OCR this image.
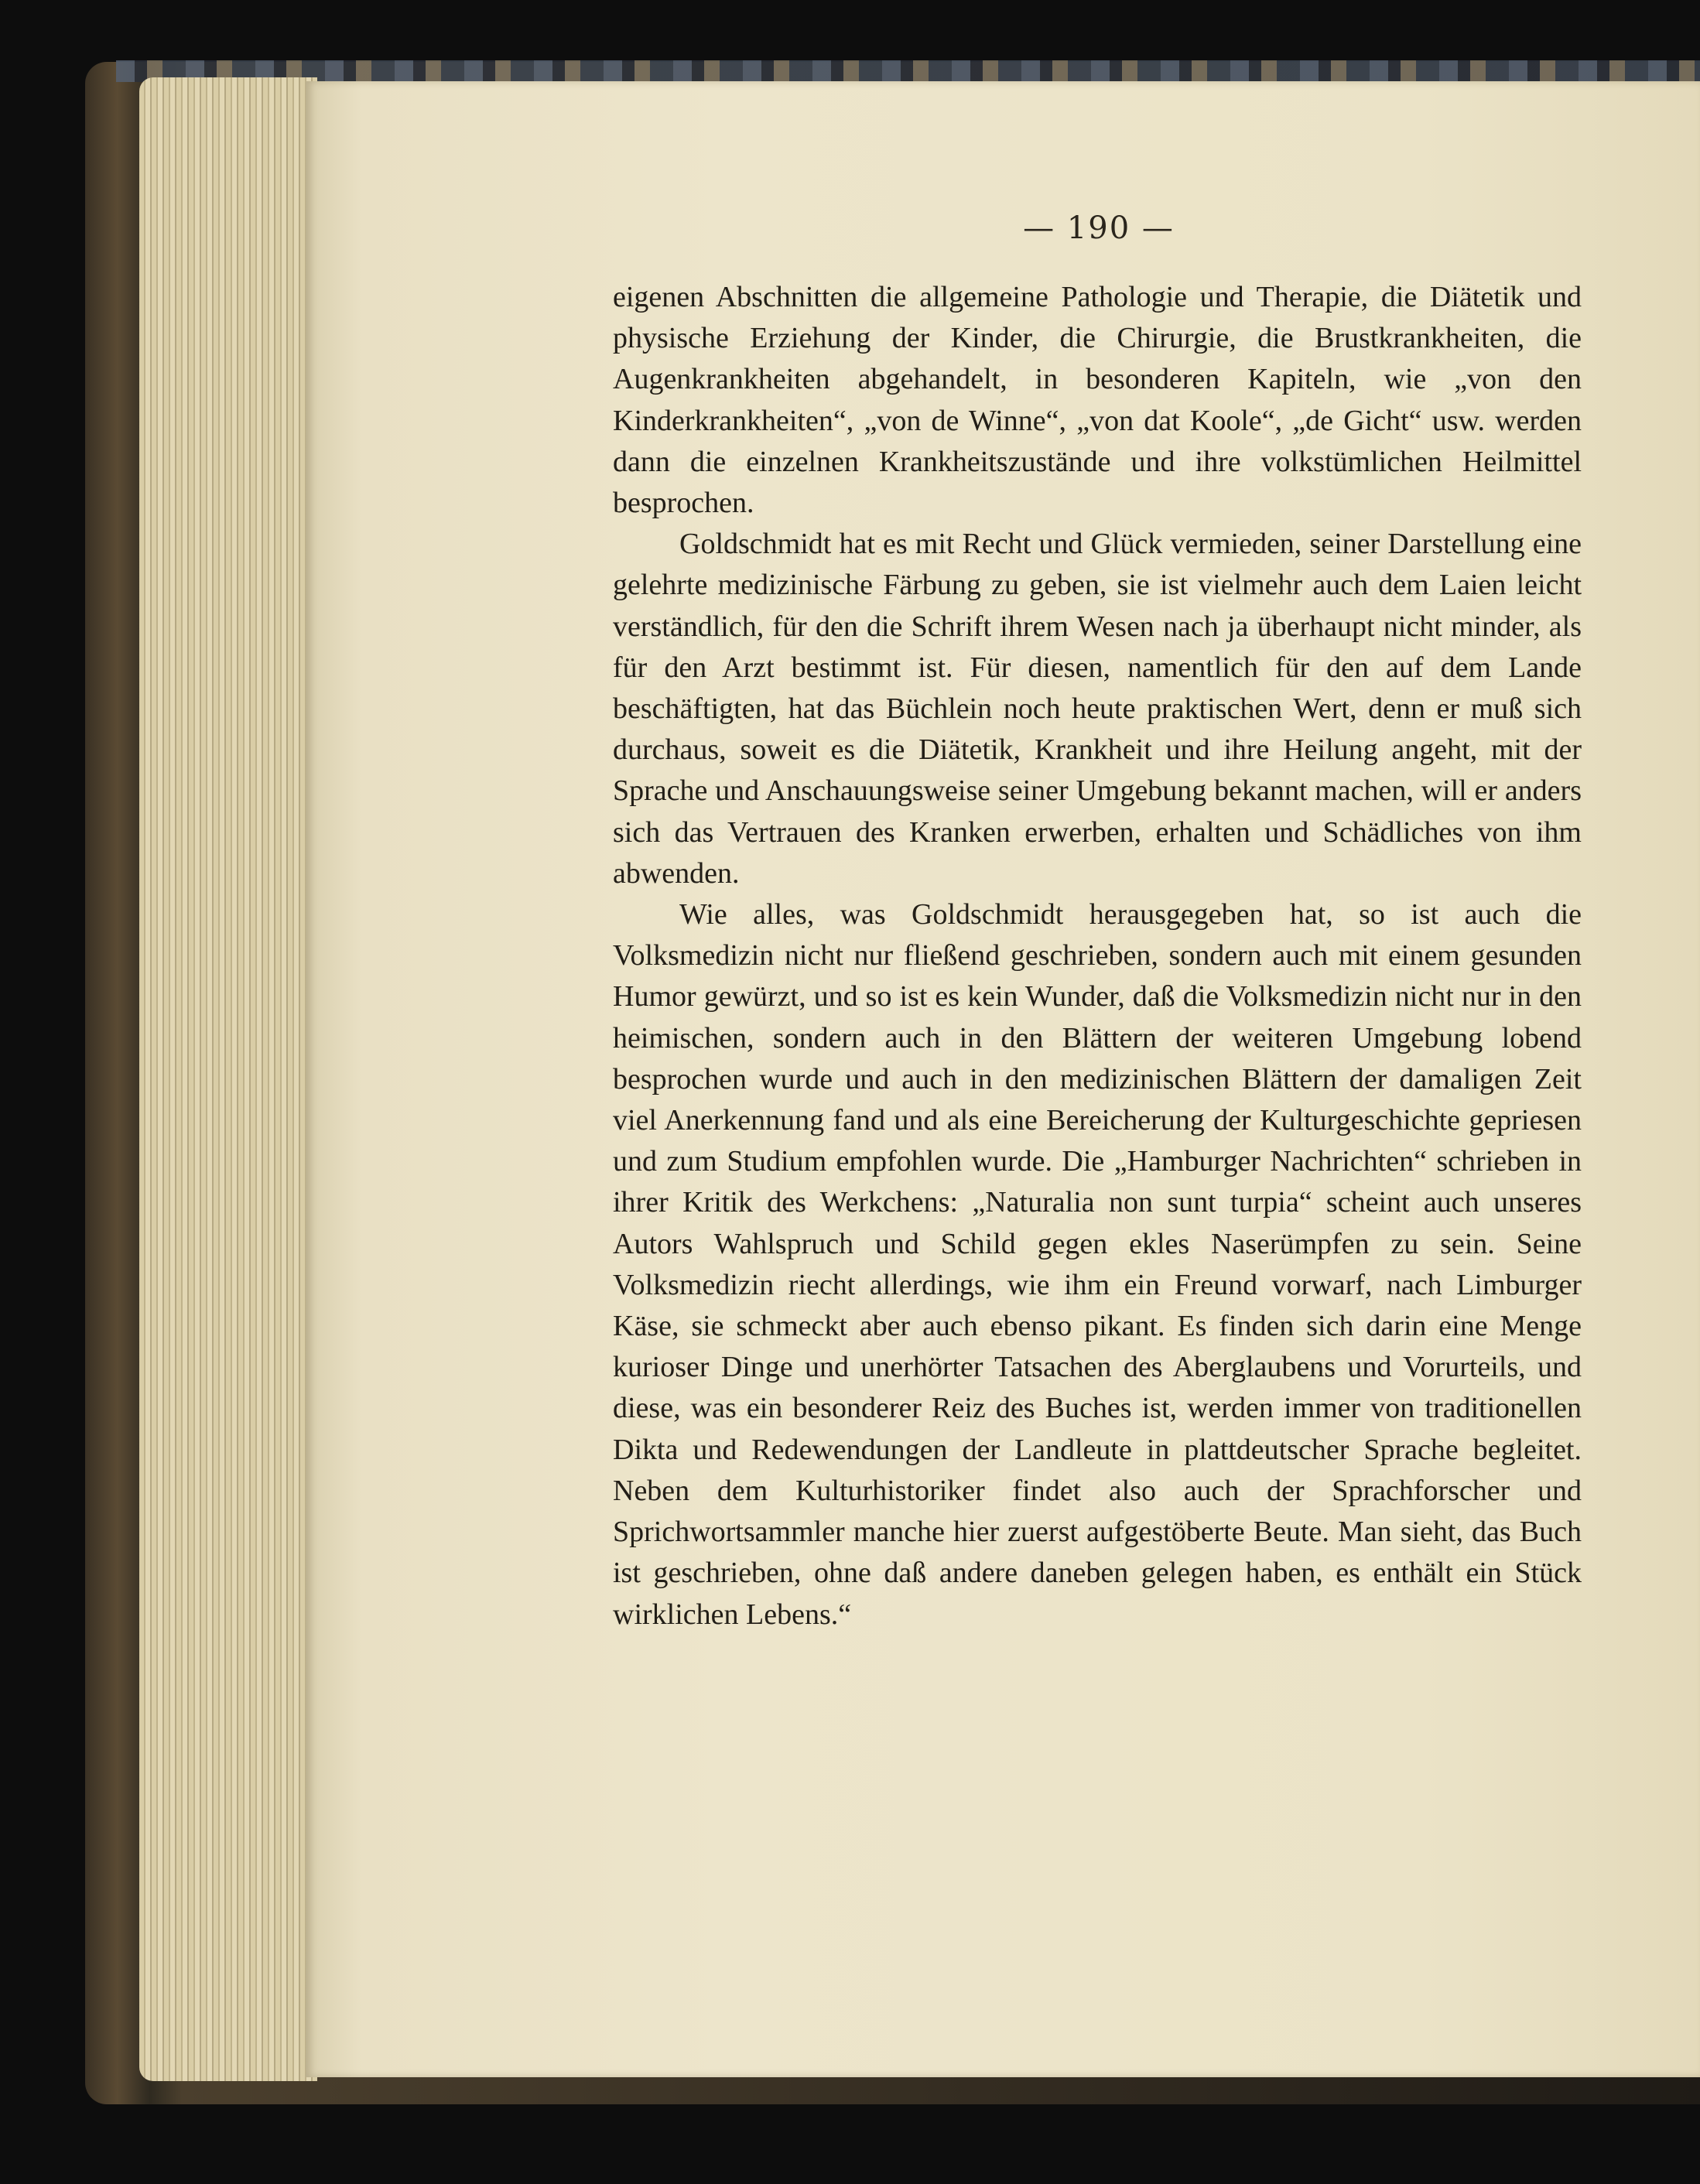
— 190 —

eigenen Abschnitten die allgemeine Pathologie und Therapie, die Diätetik und physische Erziehung der Kinder, die Chirurgie, die Brustkrankheiten, die Augenkrankheiten abgehandelt, in besonderen Kapiteln, wie „von den Kinderkrankheiten“, „von de Winne“, „von dat Koole“, „de Gicht“ usw. werden dann die einzelnen Krankheitszustände und ihre volkstümlichen Heilmittel besprochen.

Goldschmidt hat es mit Recht und Glück vermieden, seiner Darstellung eine gelehrte medizinische Färbung zu geben, sie ist vielmehr auch dem Laien leicht verständlich, für den die Schrift ihrem Wesen nach ja überhaupt nicht minder, als für den Arzt bestimmt ist. Für diesen, namentlich für den auf dem Lande beschäftigten, hat das Büchlein noch heute praktischen Wert, denn er muß sich durchaus, soweit es die Diätetik, Krankheit und ihre Heilung angeht, mit der Sprache und Anschauungsweise seiner Umgebung bekannt machen, will er anders sich das Vertrauen des Kranken erwerben, erhalten und Schädliches von ihm abwenden.

Wie alles, was Goldschmidt herausgegeben hat, so ist auch die Volksmedizin nicht nur fließend geschrieben, sondern auch mit einem gesunden Humor gewürzt, und so ist es kein Wunder, daß die Volksmedizin nicht nur in den heimischen, sondern auch in den Blättern der weiteren Umgebung lobend besprochen wurde und auch in den medizinischen Blättern der damaligen Zeit viel Anerkennung fand und als eine Bereicherung der Kulturgeschichte gepriesen und zum Studium empfohlen wurde. Die „Hamburger Nachrichten“ schrieben in ihrer Kritik des Werkchens: „Naturalia non sunt turpia“ scheint auch unseres Autors Wahlspruch und Schild gegen ekles Naserümpfen zu sein. Seine Volksmedizin riecht allerdings, wie ihm ein Freund vorwarf, nach Limburger Käse, sie schmeckt aber auch ebenso pikant. Es finden sich darin eine Menge kurioser Dinge und unerhörter Tatsachen des Aberglaubens und Vorurteils, und diese, was ein besonderer Reiz des Buches ist, werden immer von traditionellen Dikta und Redewendungen der Landleute in plattdeutscher Sprache begleitet. Neben dem Kulturhistoriker findet also auch der Sprachforscher und Sprichwortsammler manche hier zuerst aufgestöberte Beute. Man sieht, das Buch ist geschrieben, ohne daß andere daneben gelegen haben, es enthält ein Stück wirklichen Lebens.“
